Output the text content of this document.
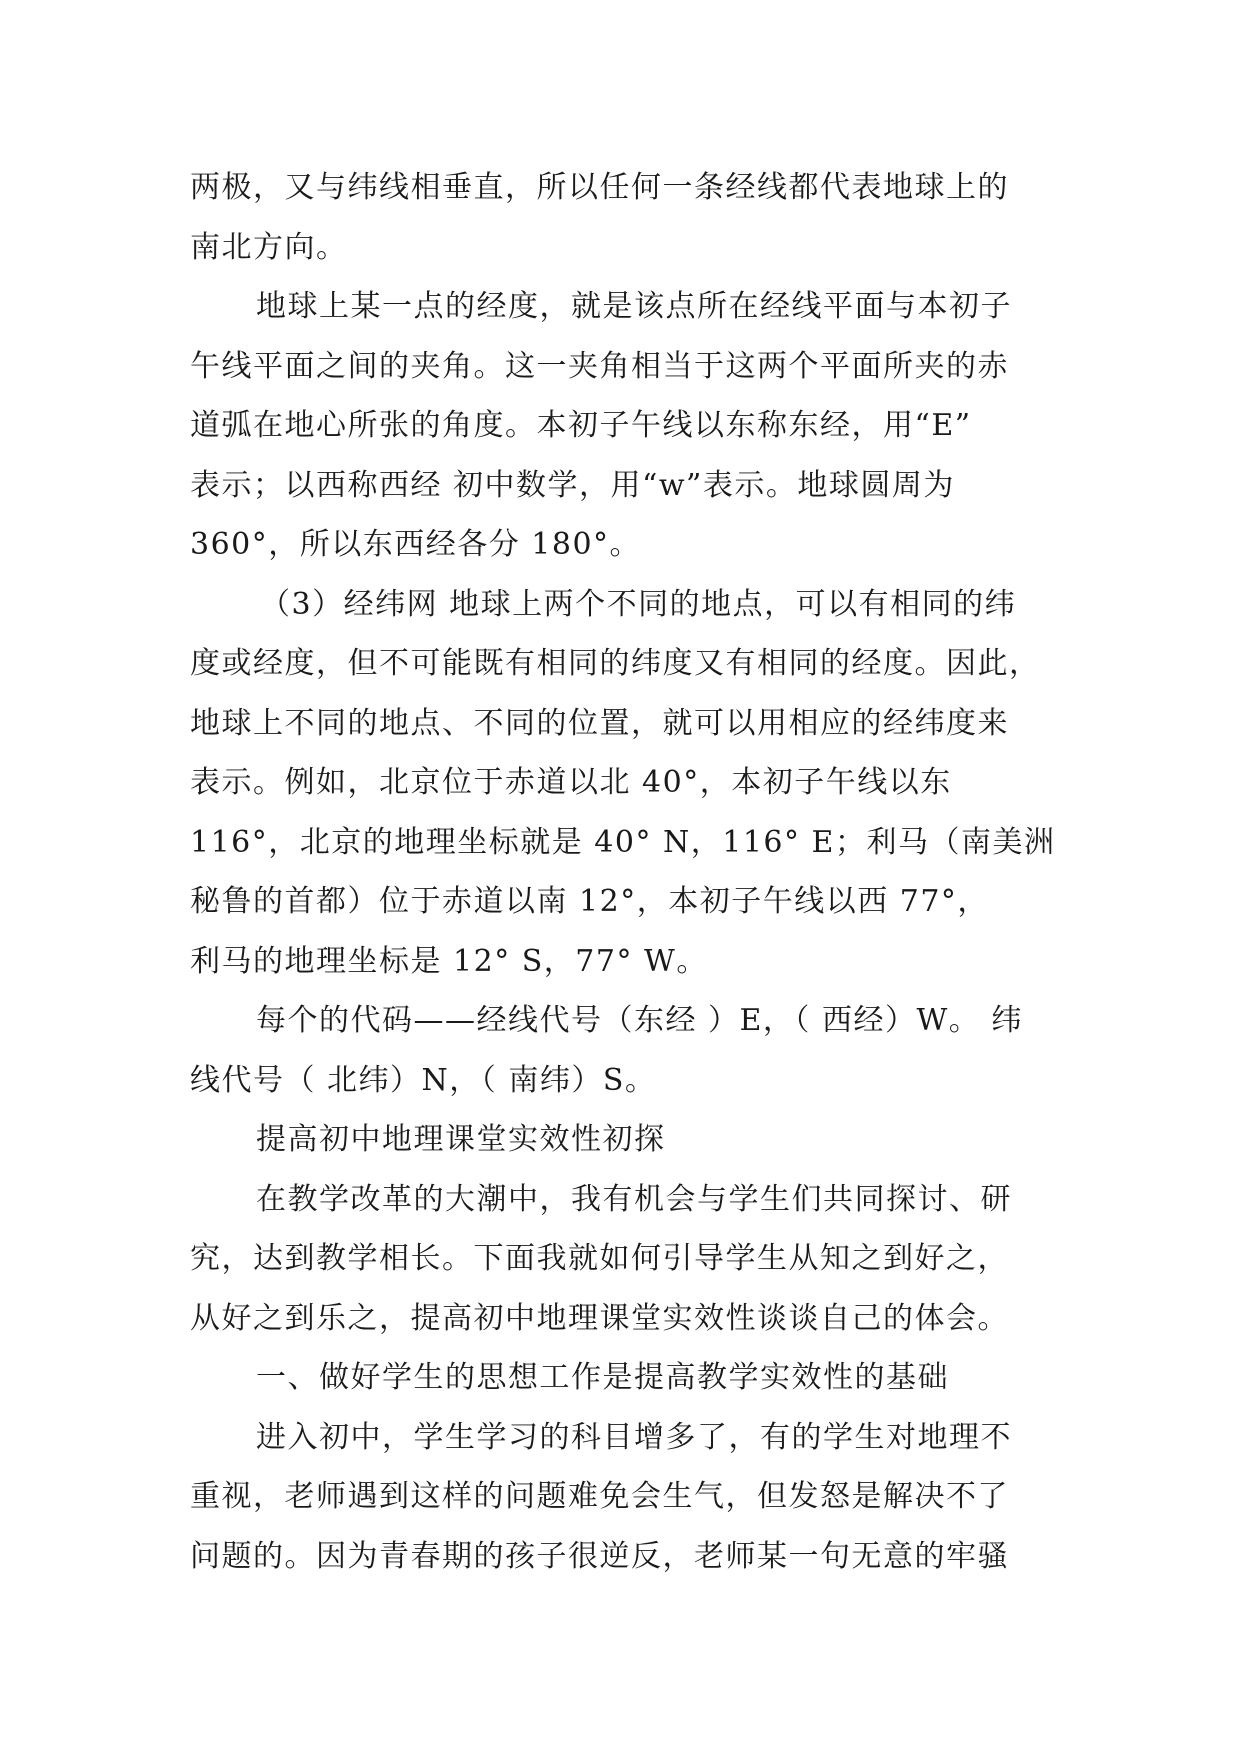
两极，又与纬线相垂直，所以任何一条经线都代表地球上的
南北方向。
地球上某一点的经度，就是该点所在经线平面与本初子
午线平面之间的夹角。这一夹角相当于这两个平面所夹的赤
道弧在地心所张的角度。本初子午线以东称东经，用“E”
表示；以西称西经 初中数学，用“w”表示。地球圆周为
360°，所以东西经各分 180°。
（3）经纬网 地球上两个不同的地点，可以有相同的纬
度或经度，但不可能既有相同的纬度又有相同的经度。因此，
地球上不同的地点、不同的位置，就可以用相应的经纬度来
表示。例如，北京位于赤道以北 40°，本初子午线以东
116°，北京的地理坐标就是 40° N，116° E；利马（南美洲
秘鲁的首都）位于赤道以南 12°，本初子午线以西 77°，
利马的地理坐标是 12° S，77° W。
每个的代码——经线代号（东经 ）E，（ 西经）W。 纬
线代号（ 北纬）N，（ 南纬）S。
提高初中地理课堂实效性初探
在教学改革的大潮中，我有机会与学生们共同探讨、研
究，达到教学相长。下面我就如何引导学生从知之到好之，
从好之到乐之，提高初中地理课堂实效性谈谈自己的体会。
一、做好学生的思想工作是提高教学实效性的基础
进入初中，学生学习的科目增多了，有的学生对地理不
重视，老师遇到这样的问题难免会生气，但发怒是解决不了
问题的。因为青春期的孩子很逆反，老师某一句无意的牢骚
